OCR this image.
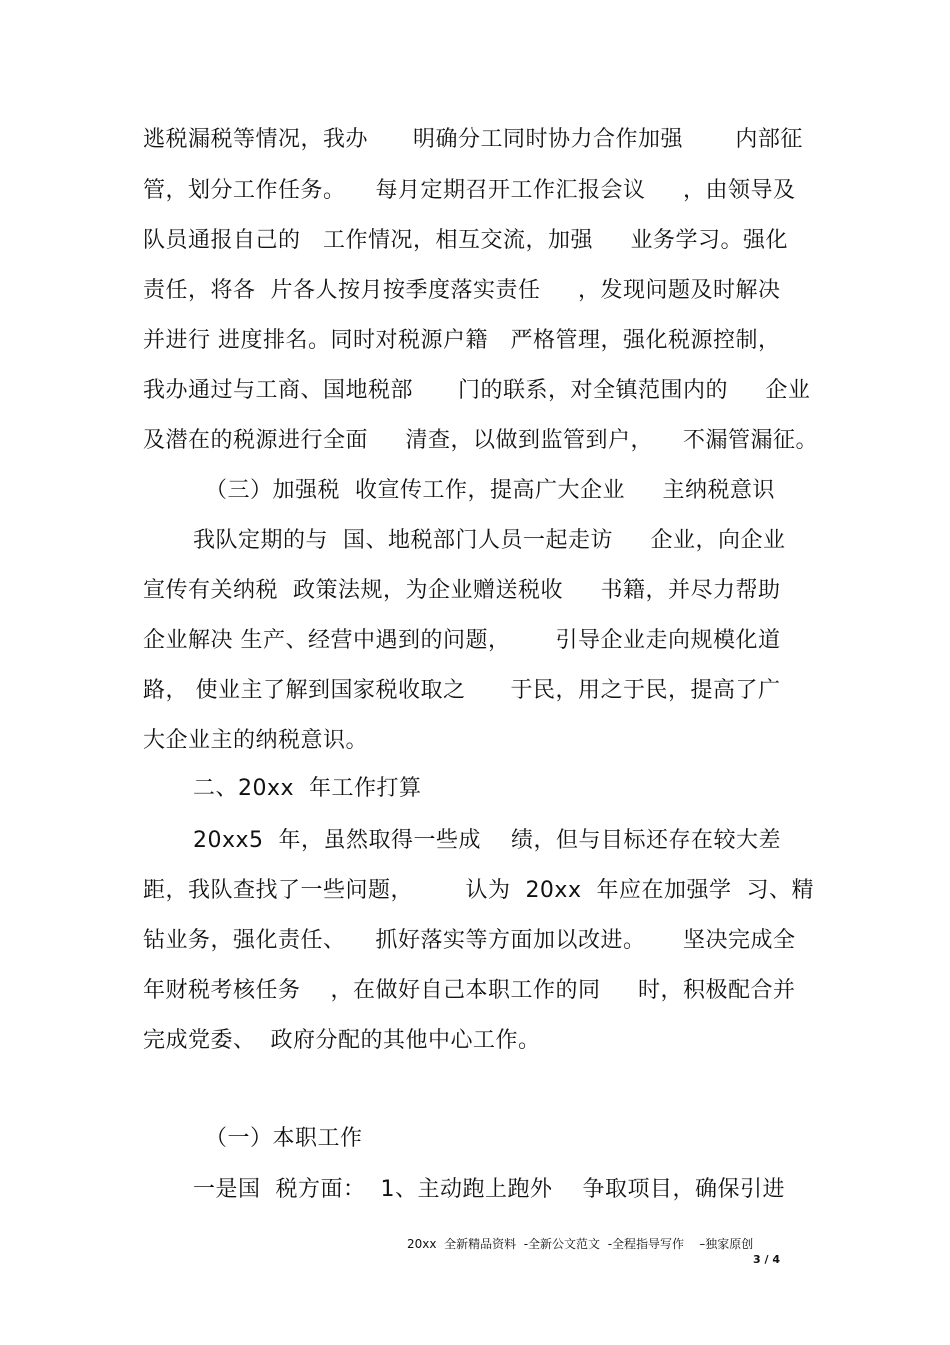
逃税漏税等情况，我办      明确分工同时协力合作加强       内部征
管，划分工作任务。    每月定期召开工作汇报会议     ，由领导及
队员通报自己的   工作情况，相互交流，加强     业务学习。强化
责任，将各  片各人按月按季度落实责任     ，发现问题及时解决
并进行 进度排名。同时对税源户籍   严格管理，强化税源控制，
我办通过与工商、国地税部      门的联系，对全镇范围内的     企业
及潜在的税源进行全面     清查，以做到监管到户，    不漏管漏征。
（三）加强税  收宣传工作，提高广大企业     主纳税意识
我队定期的与  国、地税部门人员一起走访     企业，向企业
宣传有关纳税  政策法规，为企业赠送税收     书籍，并尽力帮助
企业解决 生产、经营中遇到的问题，      引导企业走向规模化道
路， 使业主了解到国家税收取之      于民，用之于民，提高了广
大企业主的纳税意识。
二、20xx  年工作打算
20xx5  年，虽然取得一些成    绩，但与目标还存在较大差
距，我队查找了一些问题，       认为  20xx  年应在加强学  习、精
钻业务，强化责任、    抓好落实等方面加以改进。     坚决完成全
年财税考核任务    ，在做好自己本职工作的同     时，积极配合并
完成党委、  政府分配的其他中心工作。
（一）本职工作
一是国  税方面：  1、主动跑上跑外    争取项目，确保引进
20xx  全新精品资料  -全新公文范文  -全程指导写作    –独家原创
3 / 4
